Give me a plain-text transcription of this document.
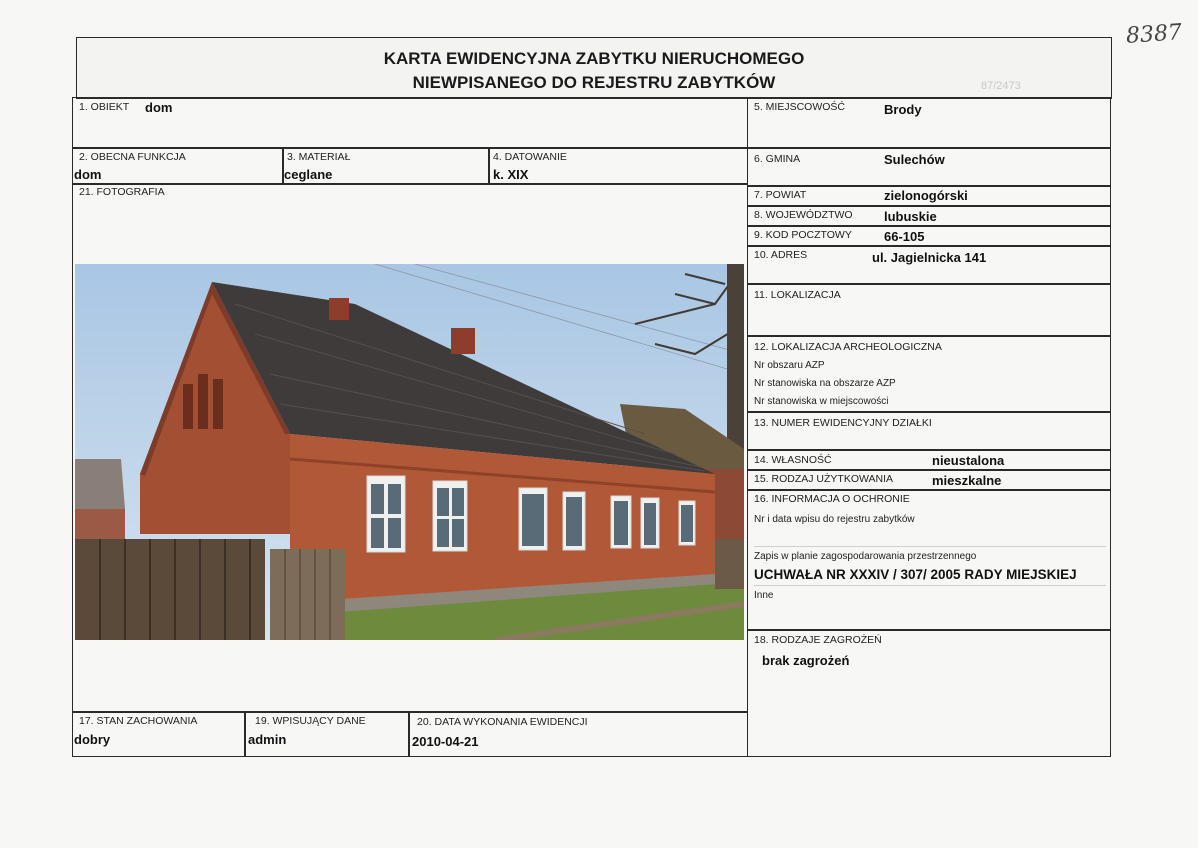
8387
87/2473
KARTA EWIDENCYJNA ZABYTKU NIERUCHOMEGO
NIEWPISANEGO DO REJESTRU ZABYTKÓW
1. OBIEKT dom
2. OBECNA FUNKCJA
dom
3. MATERIAŁ
ceglane
4. DATOWANIE
k. XIX
21. FOTOGRAFIA
17. STAN ZACHOWANIA
dobry
19. WPISUJĄCY DANE
admin
20. DATA WYKONANIA EWIDENCJI
2010-04-21
5. MIEJSCOWOŚĆ	Brody
6. GMINA	Sulechów
7. POWIAT	zielonogórski
8. WOJEWÓDZTWO lubuskie
9. KOD POCZTOWY 66-105
10. ADRES	ul. Jagielnicka 141
11. LOKALIZACJA
12. LOKALIZACJA ARCHEOLOGICZNA
Nr obszaru AZP
Nr stanowiska na obszarze AZP
Nr stanowiska w miejscowości
13. NUMER EWIDENCYJNY DZIAŁKI
14. WŁASNOŚĆ	nieustalona
15. RODZAJ UŻYTKOWANIA	mieszkalne
16. INFORMACJA O OCHRONIE
Nr i data wpisu do rejestru zabytków
Zapis w planie zagospodarowania przestrzennego
UCHWAŁA NR XXXIV / 307/ 2005 RADY MIEJSKIEJ
Inne
18. RODZAJE ZAGROŻEŃ
brak zagrożeń
